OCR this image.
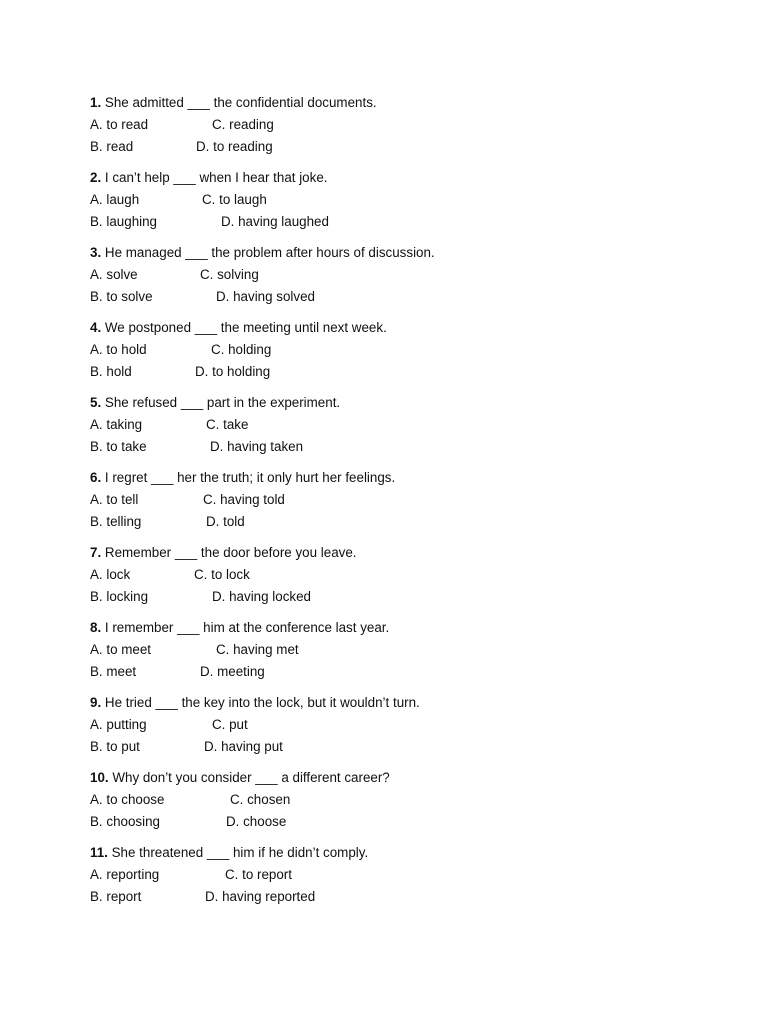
1. She admitted ___ the confidential documents.
A. to read	C. reading
B. read	D. to reading
2. I can’t help ___ when I hear that joke.
A. laugh	C. to laugh
B. laughing	D. having laughed
3. He managed ___ the problem after hours of discussion.
A. solve	C. solving
B. to solve	D. having solved
4. We postponed ___ the meeting until next week.
A. to hold	C. holding
B. hold	D. to holding
5. She refused ___ part in the experiment.
A. taking	C. take
B. to take	D. having taken
6. I regret ___ her the truth; it only hurt her feelings.
A. to tell	C. having told
B. telling	D. told
7. Remember ___ the door before you leave.
A. lock	C. to lock
B. locking	D. having locked
8. I remember ___ him at the conference last year.
A. to meet	C. having met
B. meet	D. meeting
9. He tried ___ the key into the lock, but it wouldn’t turn.
A. putting	C. put
B. to put	D. having put
10. Why don’t you consider ___ a different career?
A. to choose	C. chosen
B. choosing	D. choose
11. She threatened ___ him if he didn’t comply.
A. reporting	C. to report
B. report	D. having reported
